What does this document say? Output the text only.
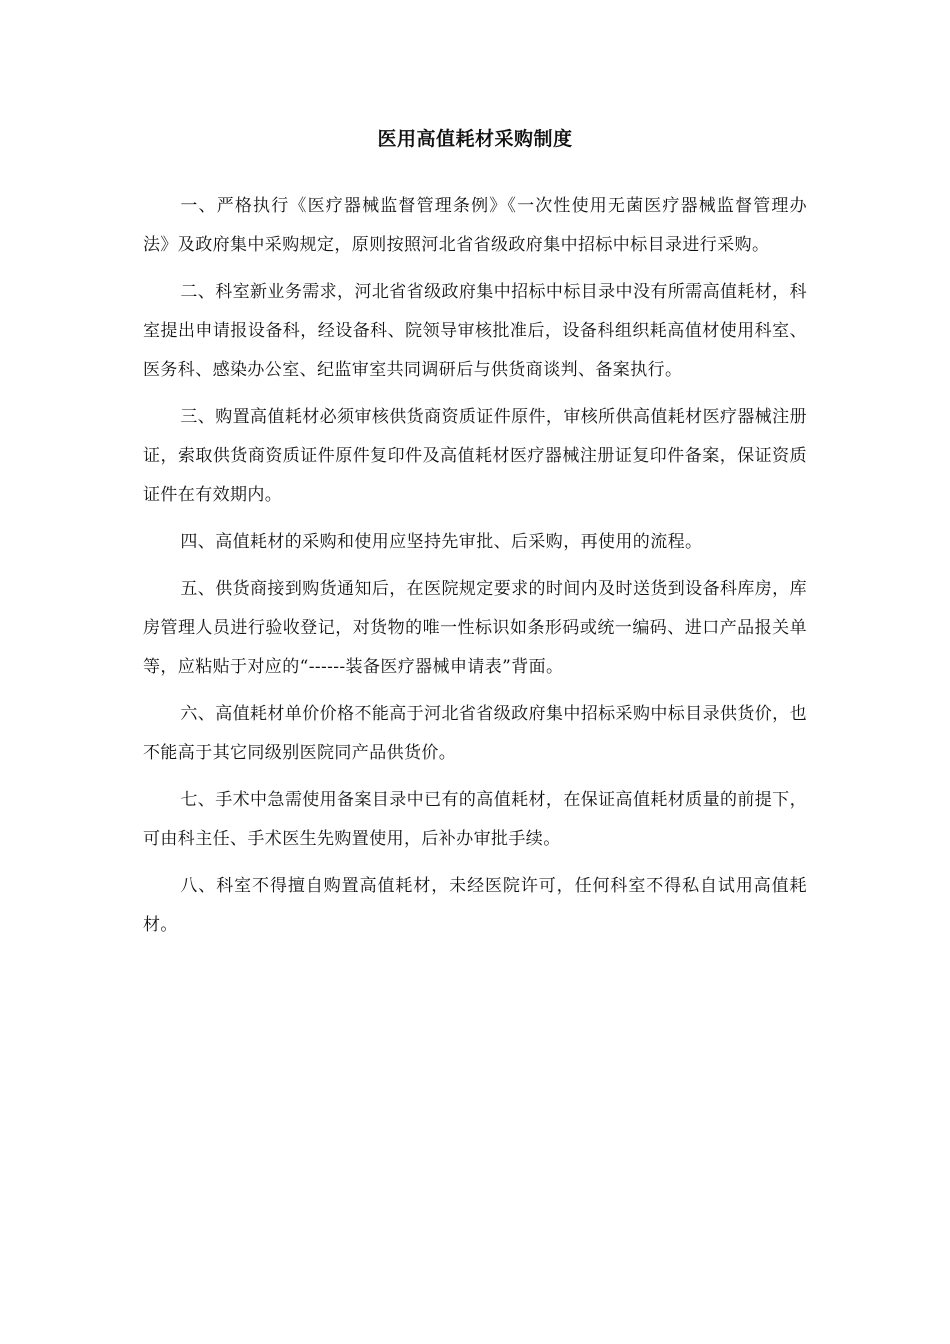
医用高值耗材采购制度

一、严格执行《医疗器械监督管理条例》《一次性使用无菌医疗器械监督管理办法》及政府集中采购规定，原则按照河北省省级政府集中招标中标目录进行采购。

二、科室新业务需求，河北省省级政府集中招标中标目录中没有所需高值耗材，科室提出申请报设备科，经设备科、院领导审核批准后，设备科组织耗高值材使用科室、医务科、感染办公室、纪监审室共同调研后与供货商谈判、备案执行。

三、购置高值耗材必须审核供货商资质证件原件，审核所供高值耗材医疗器械注册证，索取供货商资质证件原件复印件及高值耗材医疗器械注册证复印件备案，保证资质证件在有效期内。

四、高值耗材的采购和使用应坚持先审批、后采购，再使用的流程。

五、供货商接到购货通知后，在医院规定要求的时间内及时送货到设备科库房，库房管理人员进行验收登记，对货物的唯一性标识如条形码或统一编码、进口产品报关单等，应粘贴于对应的“------装备医疗器械申请表”背面。

六、高值耗材单价价格不能高于河北省省级政府集中招标采购中标目录供货价，也不能高于其它同级别医院同产品供货价。

七、手术中急需使用备案目录中已有的高值耗材，在保证高值耗材质量的前提下，可由科主任、手术医生先购置使用，后补办审批手续。

八、科室不得擅自购置高值耗材，未经医院许可，任何科室不得私自试用高值耗材。
